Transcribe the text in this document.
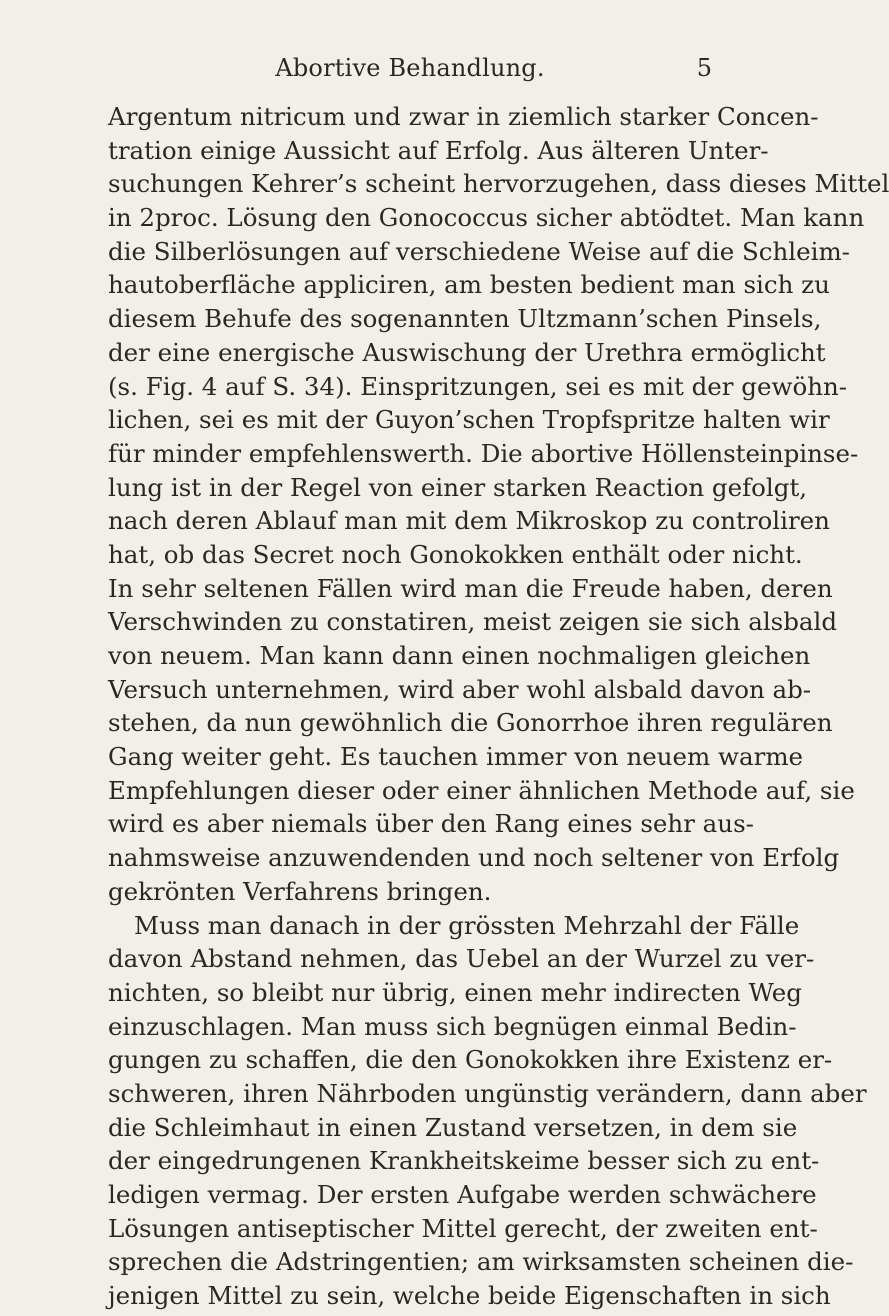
Abortive Behandlung.	5
Argentum nitricum und zwar in ziemlich starker Concen-
tration einige Aussicht auf Erfolg. Aus älteren Unter-
suchungen Kehrer’s scheint hervorzugehen, dass dieses Mittel
in 2proc. Lösung den Gonococcus sicher abtödtet. Man kann
die Silberlösungen auf verschiedene Weise auf die Schleim-
hautoberfläche appliciren, am besten bedient man sich zu
diesem Behufe des sogenannten Ultzmann’schen Pinsels,
der eine energische Auswischung der Urethra ermöglicht
(s. Fig. 4 auf S. 34). Einspritzungen, sei es mit der gewöhn-
lichen, sei es mit der Guyon’schen Tropfspritze halten wir
für minder empfehlenswerth. Die abortive Höllensteinpinse-
lung ist in der Regel von einer starken Reaction gefolgt,
nach deren Ablauf man mit dem Mikroskop zu controliren
hat, ob das Secret noch Gonokokken enthält oder nicht.
In sehr seltenen Fällen wird man die Freude haben, deren
Verschwinden zu constatiren, meist zeigen sie sich alsbald
von neuem. Man kann dann einen nochmaligen gleichen
Versuch unternehmen, wird aber wohl alsbald davon ab-
stehen, da nun gewöhnlich die Gonorrhoe ihren regulären
Gang weiter geht. Es tauchen immer von neuem warme
Empfehlungen dieser oder einer ähnlichen Methode auf, sie
wird es aber niemals über den Rang eines sehr aus-
nahmsweise anzuwendenden und noch seltener von Erfolg
gekrönten Verfahrens bringen.
Muss man danach in der grössten Mehrzahl der Fälle
davon Abstand nehmen, das Uebel an der Wurzel zu ver-
nichten, so bleibt nur übrig, einen mehr indirecten Weg
einzuschlagen. Man muss sich begnügen einmal Bedin-
gungen zu schaffen, die den Gonokokken ihre Existenz er-
schweren, ihren Nährboden ungünstig verändern, dann aber
die Schleimhaut in einen Zustand versetzen, in dem sie
der eingedrungenen Krankheitskeime besser sich zu ent-
ledigen vermag. Der ersten Aufgabe werden schwächere
Lösungen antiseptischer Mittel gerecht, der zweiten ent-
sprechen die Adstringentien; am wirksamsten scheinen die-
jenigen Mittel zu sein, welche beide Eigenschaften in sich
